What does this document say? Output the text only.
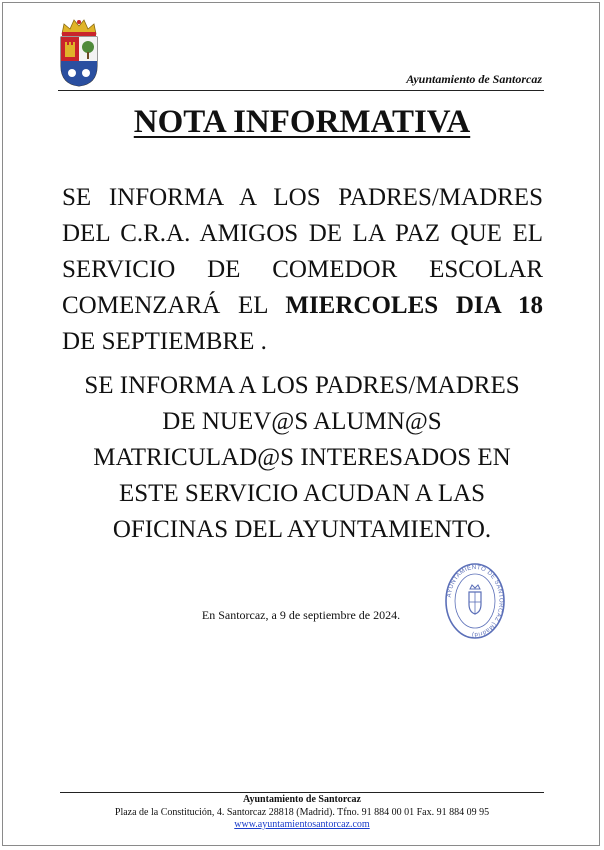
Ayuntamiento de Santorcaz
NOTA INFORMATIVA
SE INFORMA A LOS PADRES/MADRES
DEL C.R.A. AMIGOS DE LA PAZ QUE EL
SERVICIO DE COMEDOR ESCOLAR
COMENZARÁ EL MIERCOLES DIA 18
DE SEPTIEMBRE .
SE INFORMA A LOS PADRES/MADRES
DE NUEV@S ALUMN@S
MATRICULAD@S INTERESADOS EN
ESTE SERVICIO ACUDAN A LAS
OFICINAS DEL AYUNTAMIENTO.
En Santorcaz, a 9 de septiembre de 2024.
AYUNTAMIENTO DE SANTORCAZ (Madrid)
Ayuntamiento de Santorcaz
Plaza de la Constitución, 4. Santorcaz 28818 (Madrid). Tfno. 91 884 00 01 Fax. 91 884 09 95
www.ayuntamientosantorcaz.com
